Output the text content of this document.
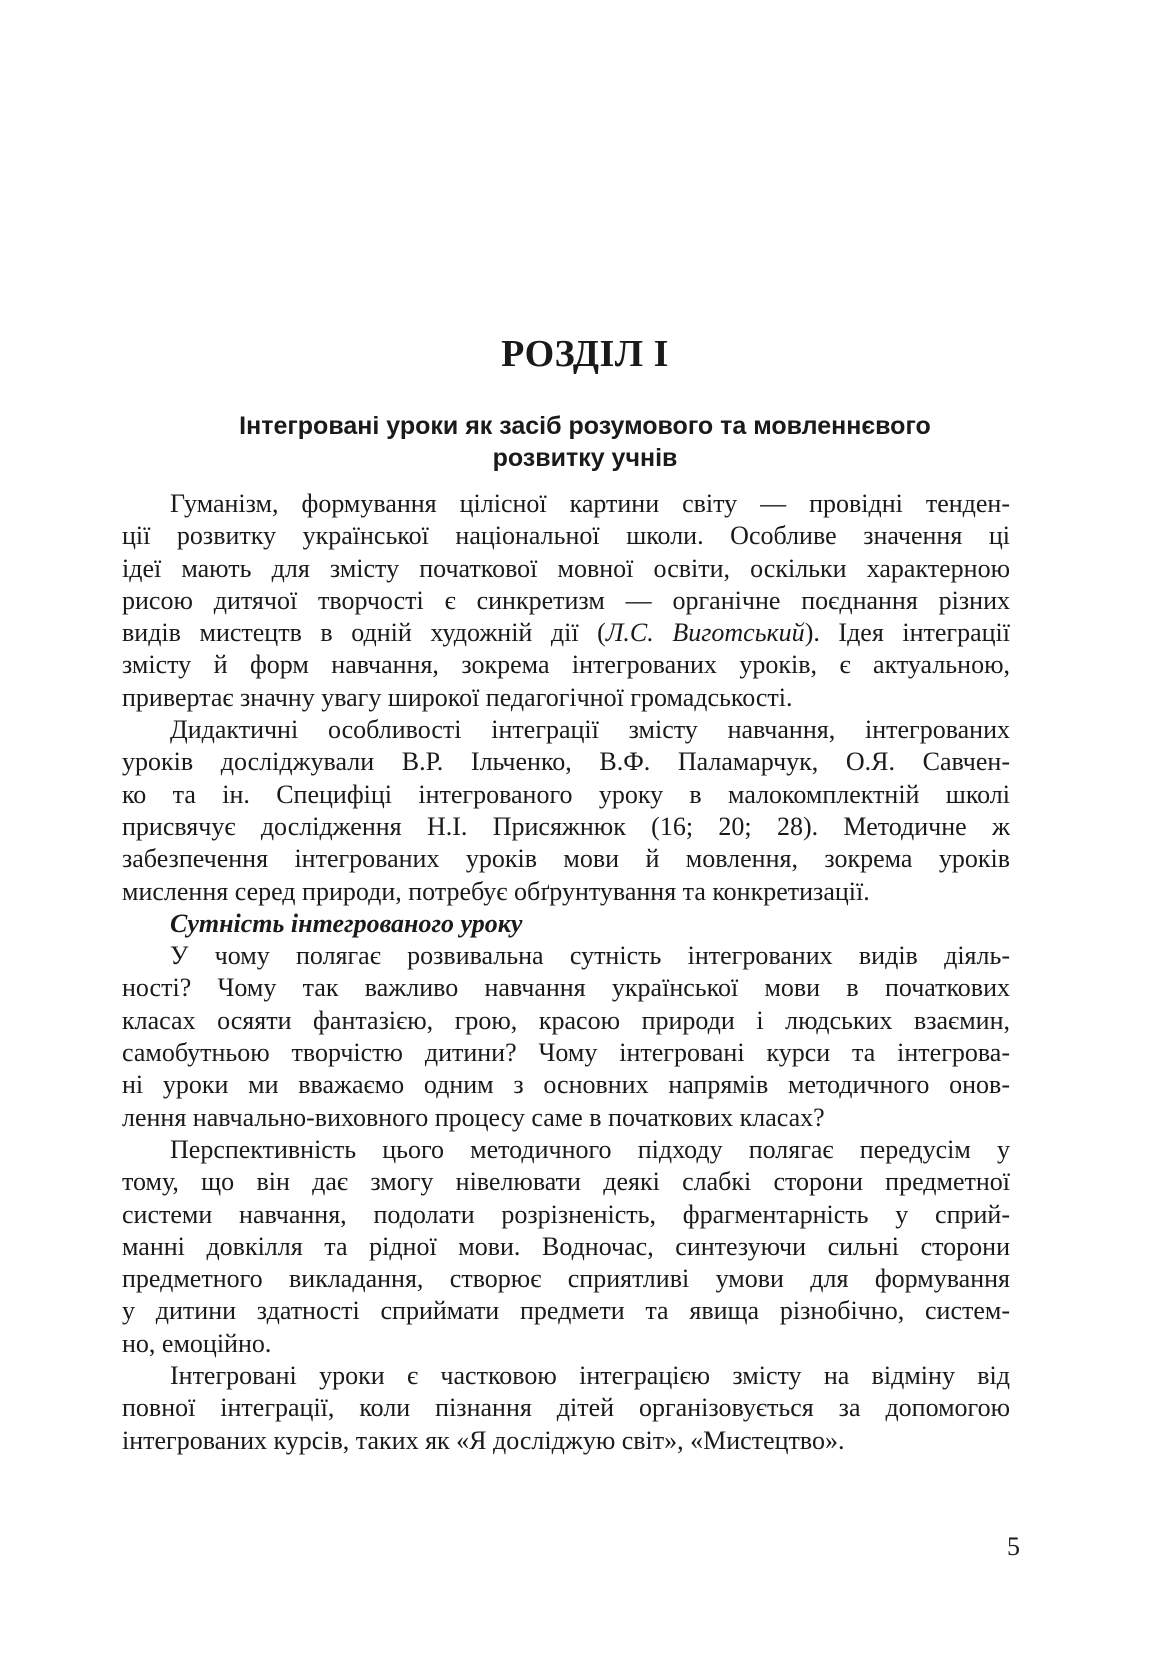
РОЗДІЛ І
Інтегровані уроки як засіб розумового та мовленнєвого
розвитку учнів

Гуманізм, формування цілісної картини світу — провідні тенден-
ції розвитку української національної школи. Особливе значення ці
ідеї мають для змісту початкової мовної освіти, оскільки характерною
рисою дитячої творчості є синкретизм — органічне поєднання різних
видів мистецтв в одній художній дії (Л.С. Виготський). Ідея інтеграції
змісту й форм навчання, зокрема інтегрованих уроків, є актуальною,
привертає значну увагу широкої педагогічної громадськості.

Дидактичні особливості інтеграції змісту навчання, інтегрованих
уроків досліджували В.Р. Ільченко, В.Ф. Паламарчук, О.Я. Савчен-
ко та ін. Специфіці інтегрованого уроку в малокомплектній школі
присвячує дослідження Н.І. Присяжнюк (16; 20; 28). Методичне ж
забезпечення інтегрованих уроків мови й мовлення, зокрема уроків
мислення серед природи, потребує обґрунтування та конкретизації.

Сутність інтегрованого уроку

У чому полягає розвивальна сутність інтегрованих видів діяль-
ності? Чому так важливо навчання української мови в початкових
класах осяяти фантазією, грою, красою природи і людських взаємин,
самобутньою творчістю дитини? Чому інтегровані курси та інтегрова-
ні уроки ми вважаємо одним з основних напрямів методичного онов-
лення навчально-виховного процесу саме в початкових класах?

Перспективність цього методичного підходу полягає передусім у
тому, що він дає змогу нівелювати деякі слабкі сторони предметної
системи навчання, подолати розрізненість, фрагментарність у сприй-
манні довкілля та рідної мови. Водночас, синтезуючи сильні сторони
предметного викладання, створює сприятливі умови для формування
у дитини здатності сприймати предмети та явища різнобічно, систем-
но, емоційно.

Інтегровані уроки є частковою інтеграцією змісту на відміну від
повної інтеграції, коли пізнання дітей організовується за допомогою
інтегрованих курсів, таких як «Я досліджую світ», «Мистецтво».

5
